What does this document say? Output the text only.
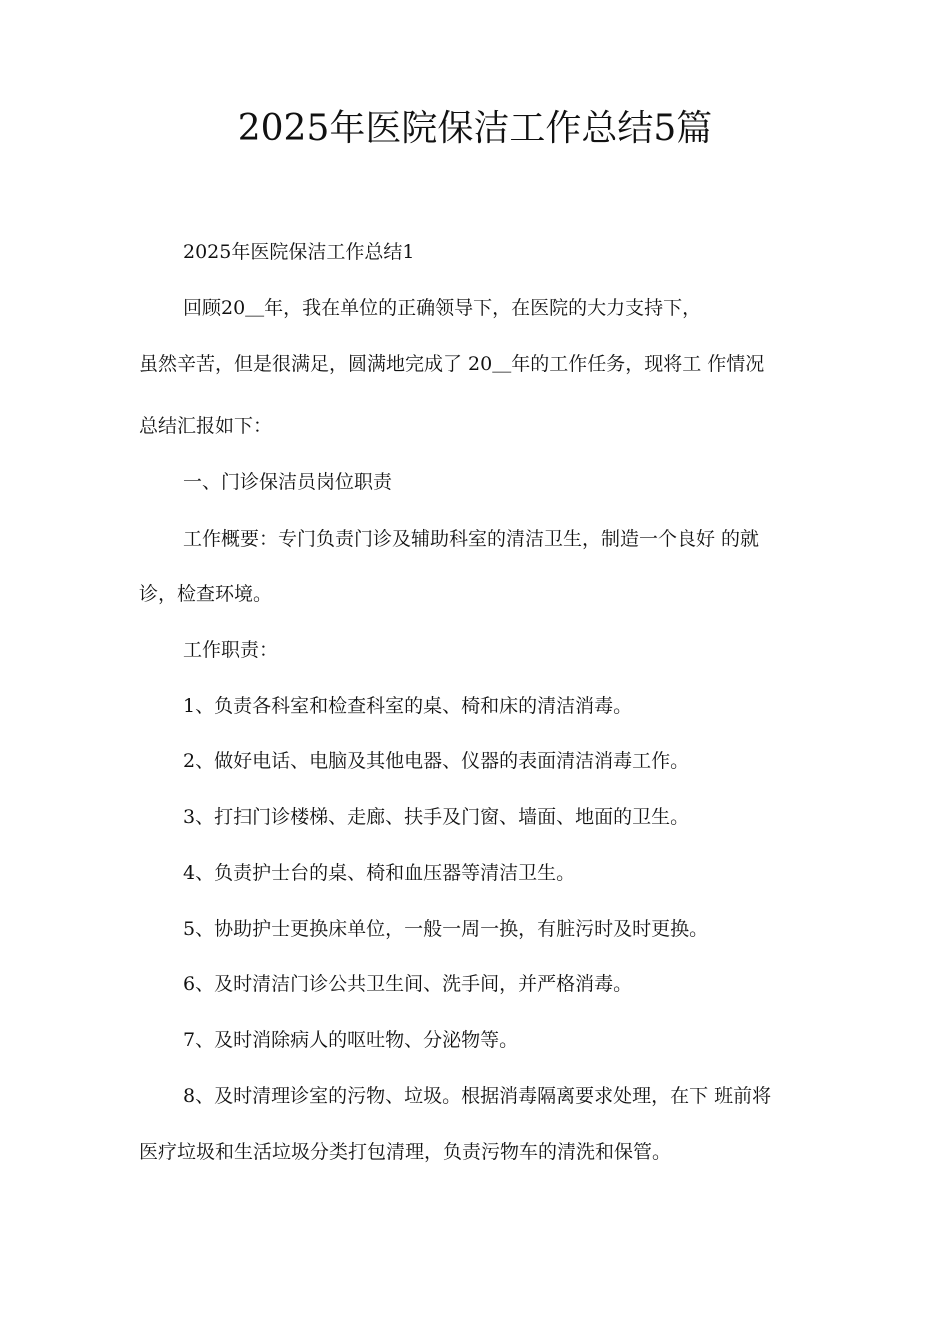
2025年医院保洁工作总结5篇
2025年医院保洁工作总结1
回顾20＿年，我在单位的正确领导下，在医院的大力支持下，
虽然辛苦，但是很满足，圆满地完成了 20＿年的工作任务，现将工 作情况
总结汇报如下：
一、门诊保洁员岗位职责
工作概要：专门负责门诊及辅助科室的清洁卫生，制造一个良好 的就
诊，检查环境。
工作职责：
1、负责各科室和检查科室的桌、椅和床的清洁消毒。
2、做好电话、电脑及其他电器、仪器的表面清洁消毒工作。
3、打扫门诊楼梯、走廊、扶手及门窗、墙面、地面的卫生。
4、负责护士台的桌、椅和血压器等清洁卫生。
5、协助护士更换床单位，一般一周一换，有脏污时及时更换。
6、及时清洁门诊公共卫生间、洗手间，并严格消毒。
7、及时消除病人的呕吐物、分泌物等。
8、及时清理诊室的污物、垃圾。根据消毒隔离要求处理，在下 班前将
医疗垃圾和生活垃圾分类打包清理，负责污物车的清洗和保管。
